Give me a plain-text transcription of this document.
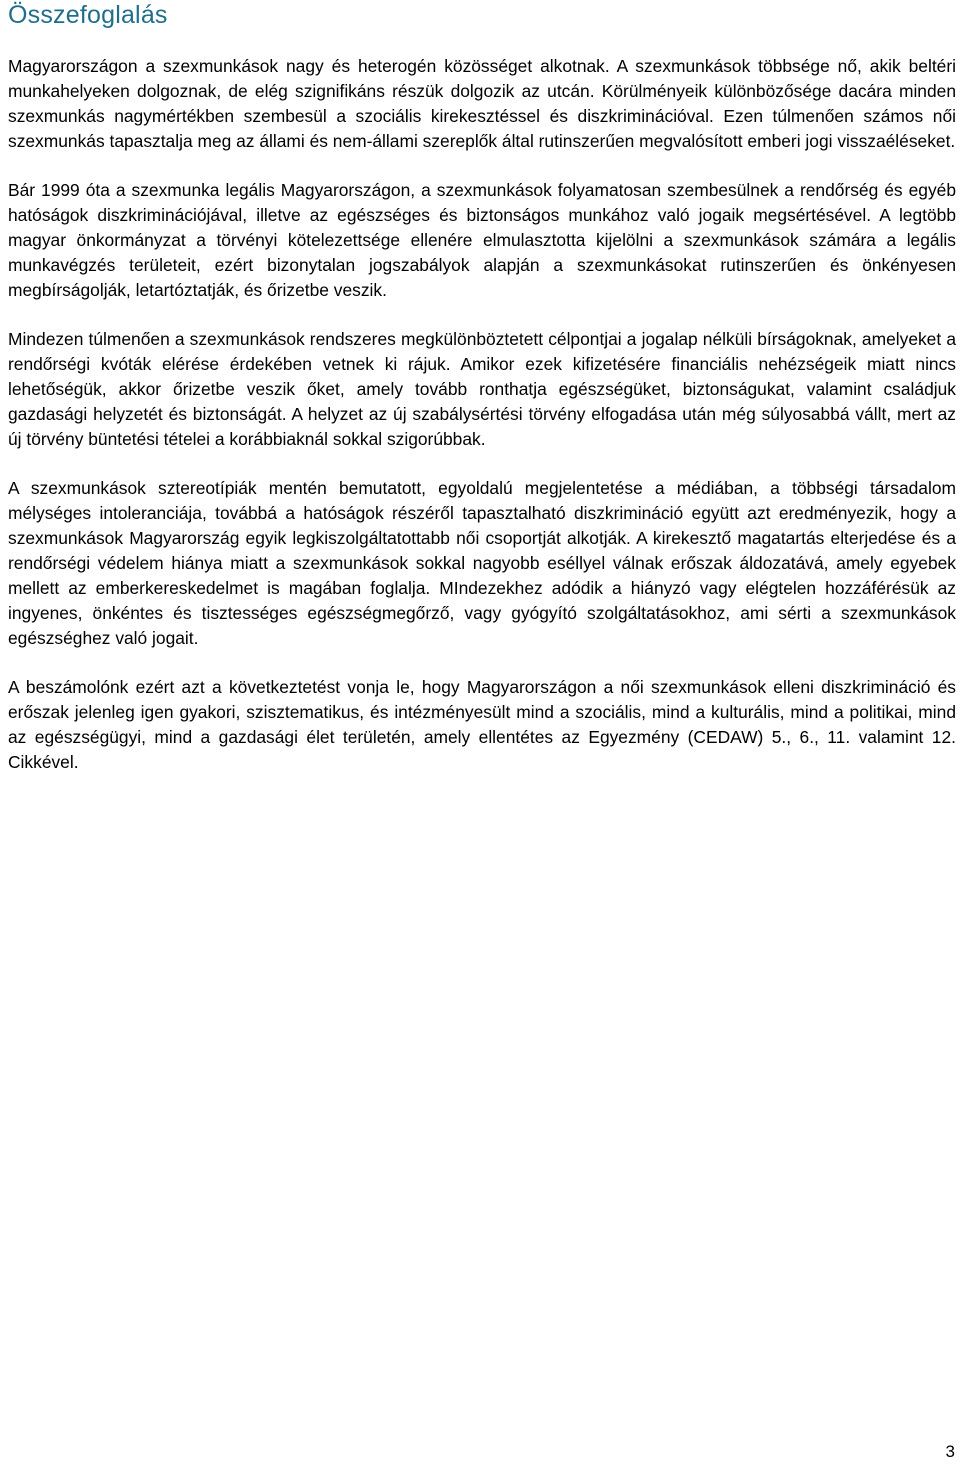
Összefoglalás

Magyarországon a szexmunkások nagy és heterogén közösséget alkotnak. A szexmunkások többsége nő, akik beltéri munkahelyeken dolgoznak, de elég szignifikáns részük dolgozik az utcán. Körülményeik különbözősége dacára minden szexmunkás nagymértékben szembesül a szociális kirekesztéssel és diszkriminációval. Ezen túlmenően számos női szexmunkás tapasztalja meg az állami és nem-állami szereplők által rutinszerűen megvalósított emberi jogi visszaéléseket.

Bár 1999 óta a szexmunka legális Magyarországon, a szexmunkások folyamatosan szembesülnek a rendőrség és egyéb hatóságok diszkriminációjával, illetve az egészséges és biztonságos munkához való jogaik megsértésével. A legtöbb magyar önkormányzat a törvényi kötelezettsége ellenére elmulasztotta kijelölni a szexmunkások számára a legális munkavégzés területeit, ezért bizonytalan jogszabályok alapján a szexmunkásokat rutinszerűen és önkényesen megbírságolják, letartóztatják, és őrizetbe veszik.

Mindezen túlmenően a szexmunkások rendszeres megkülönböztetett célpontjai a jogalap nélküli bírságoknak, amelyeket a rendőrségi kvóták elérése érdekében vetnek ki rájuk. Amikor ezek kifizetésére financiális nehézségeik miatt nincs lehetőségük, akkor őrizetbe veszik őket, amely tovább ronthatja egészségüket, biztonságukat, valamint családjuk gazdasági helyzetét és biztonságát. A helyzet az új szabálysértési törvény elfogadása után még súlyosabbá vállt, mert az új törvény büntetési tételei a korábbiaknál sokkal szigorúbbak.

A szexmunkások sztereotípiák mentén bemutatott, egyoldalú megjelentetése a médiában, a többségi társadalom mélységes intoleranciája, továbbá a hatóságok részéről tapasztalható diszkrimináció együtt azt eredményezik, hogy a szexmunkások Magyarország egyik legkiszolgáltatottabb női csoportját alkotják. A kirekesztő magatartás elterjedése és a rendőrségi védelem hiánya miatt a szexmunkások sokkal nagyobb eséllyel válnak erőszak áldozatává, amely egyebek mellett az emberkereskedelmet is magában foglalja. MIndezekhez adódik a hiányzó vagy elégtelen hozzáférésük az ingyenes, önkéntes és tisztességes egészségmegőrző, vagy gyógyító szolgáltatásokhoz, ami sérti a szexmunkások egészséghez való jogait.

A beszámolónk ezért azt a következtetést vonja le, hogy Magyarországon a női szexmunkások elleni diszkrimináció és erőszak jelenleg igen gyakori, szisztematikus, és intézményesült mind a szociális, mind a kulturális, mind a politikai, mind az egészségügyi, mind a gazdasági élet területén, amely ellentétes az Egyezmény (CEDAW) 5., 6., 11. valamint 12. Cikkével.

3
